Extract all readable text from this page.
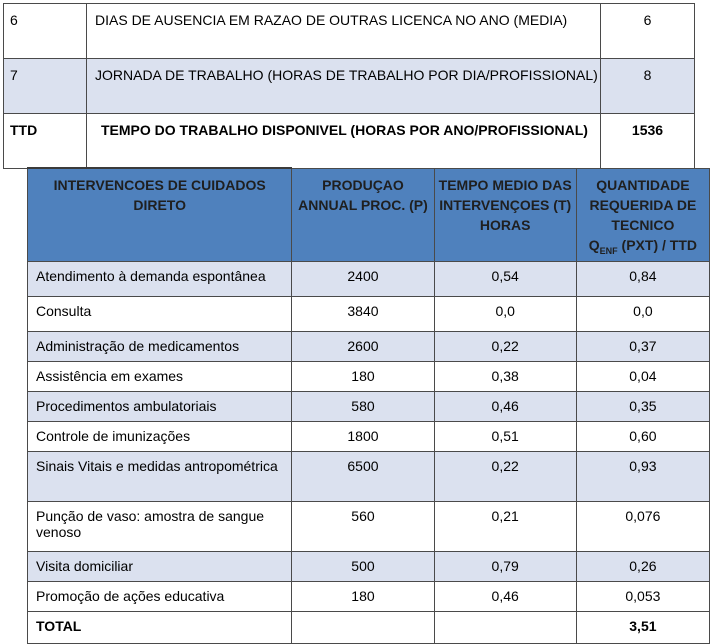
6	DIAS DE AUSENCIA EM RAZAO DE OUTRAS LICENCA NO ANO (MEDIA)	6
7	JORNADA DE TRABALHO (HORAS DE TRABALHO POR DIA/PROFISSIONAL)	8
TTD	TEMPO DO TRABALHO DISPONIVEL (HORAS POR ANO/PROFISSIONAL)	1536
INTERVENCOES DE CUIDADOS DIRETO	PRODUÇAO ANNUAL PROC. (P)	TEMPO MEDIO DAS INTERVENÇOES (T) HORAS	QUANTIDADE REQUERIDA DE TECNICO
$Q_{ENF}$ (PXT) / TTD
Atendimento à demanda espontânea	2400	0,54	0,84
Consulta	3840	0,0	0,0
Administração de medicamentos	2600	0,22	0,37
Assistência em exames	180	0,38	0,04
Procedimentos ambulatoriais	580	0,46	0,35
Controle de imunizações	1800	0,51	0,60
Sinais Vitais e medidas antropométrica	6500	0,22	0,93
Punção de vaso: amostra de sangue venoso	560	0,21	0,076
Visita domiciliar	500	0,79	0,26
Promoção de ações educativa	180	0,46	0,053
TOTAL			3,51
